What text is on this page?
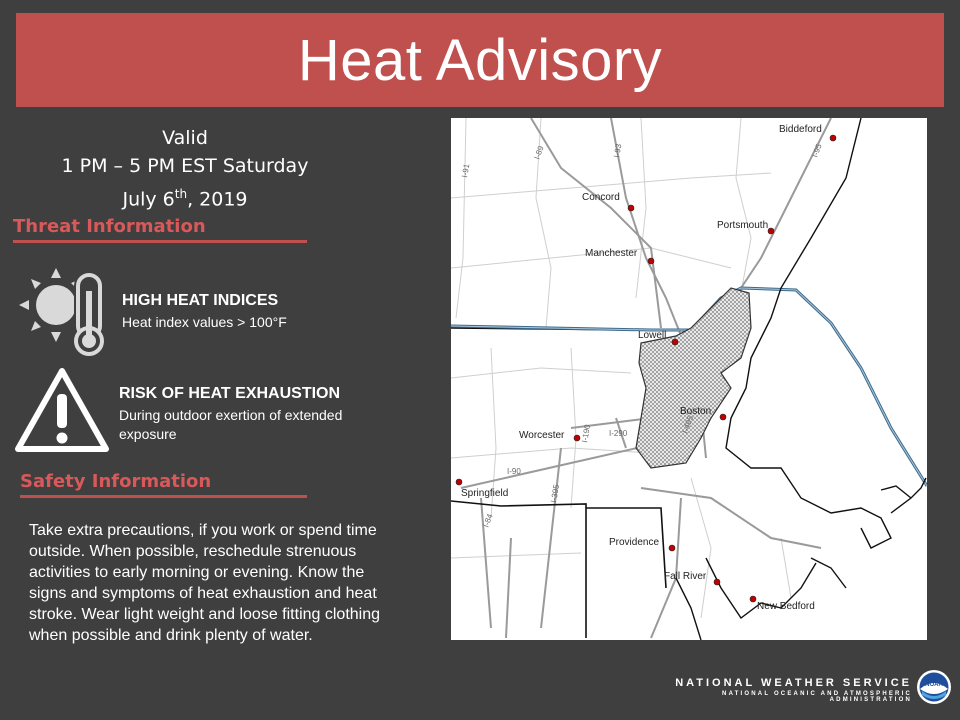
Heat Advisory
Valid
1 PM – 5 PM EST Saturday
July 6th, 2019
Threat Information
HIGH HEAT INDICES
Heat index values > 100°F
RISK OF HEAT EXHAUSTION
During outdoor exertion of extended exposure
Safety Information
Take extra precautions, if you work or spend time outside. When possible, reschedule strenuous activities to early morning or evening. Know the signs and symptoms of heat exhaustion and heat stroke. Wear light weight and loose fitting clothing when possible and drink plenty of water.
Biddeford
Concord
Portsmouth
Manchester
Lowell
Boston
Worcester
Springfield
Providence
Fall River
New Bedford
I-89	I-93	I-95
I-495
I-190 I-290
I-90
I-395
I-84
I-91
NATIONAL WEATHER SERVICE
NATIONAL OCEANIC AND ATMOSPHERIC ADMINISTRATION
NOAA
